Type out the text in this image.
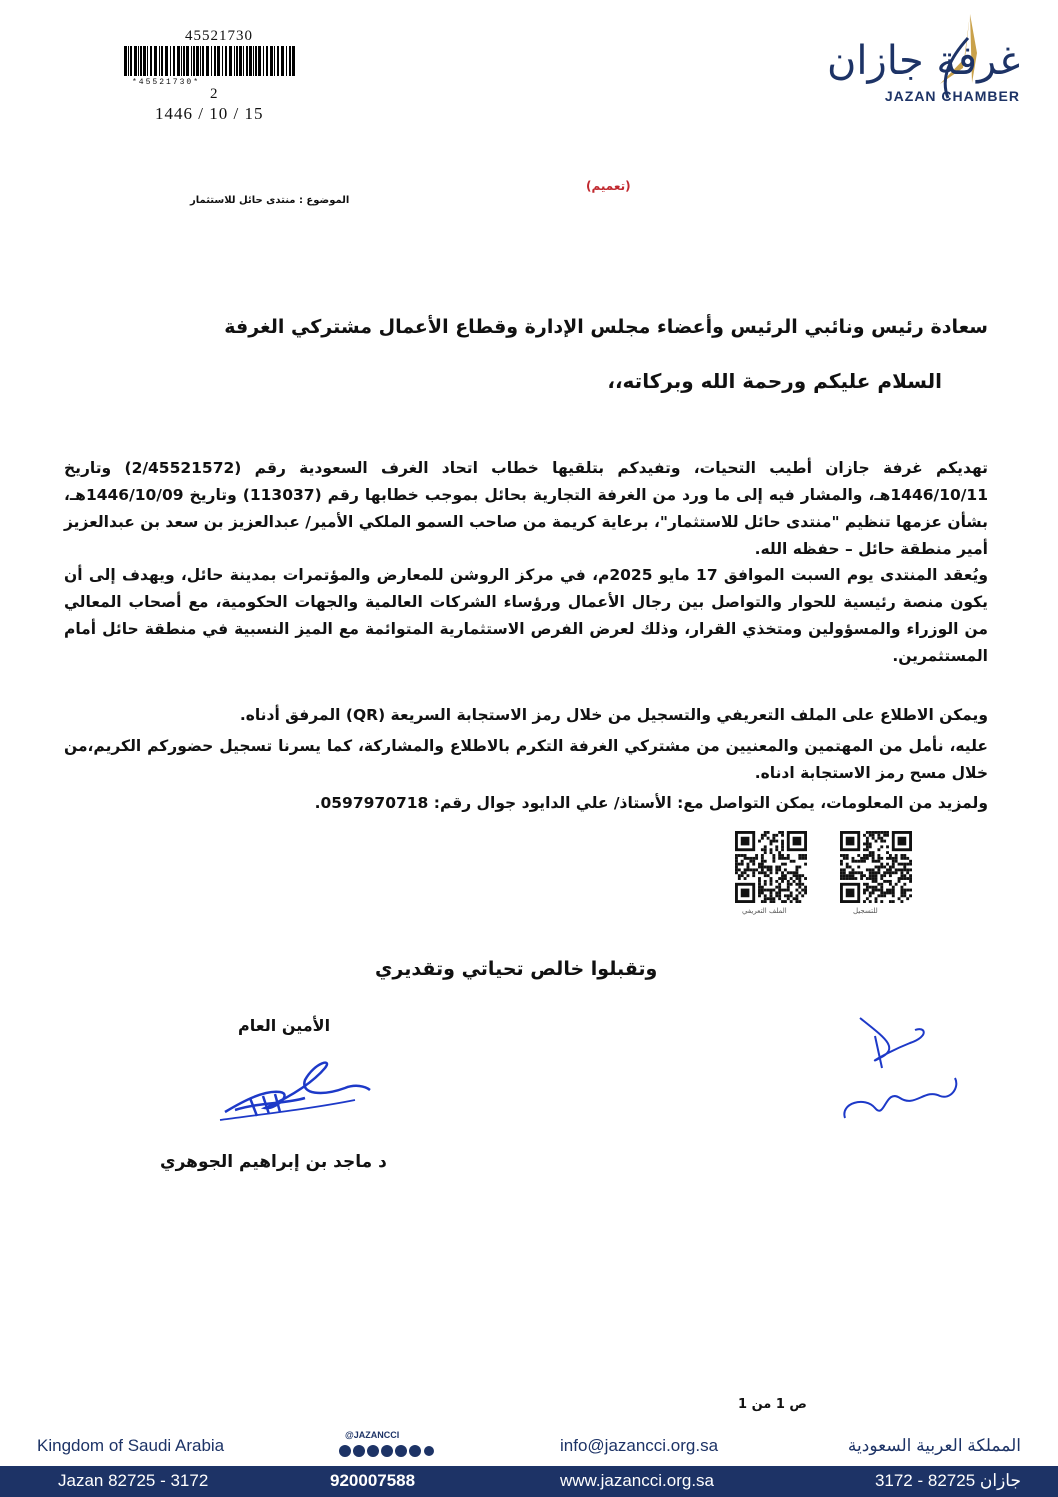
45521730
*45521730*
2
1446 / 10 / 15
غرفة جازان
JAZAN CHAMBER
(تعميم)
الموضوع : منتدى حائل للاستثمار
سعادة رئيس ونائبي الرئيس وأعضاء مجلس الإدارة وقطاع الأعمال مشتركي الغرفة
السلام عليكم ورحمة الله وبركاته،،

تهديكم غرفة جازان أطيب التحيات، وتفيدكم بتلقيها خطاب اتحاد الغرف السعودية رقم (2/45521572) وتاريخ 1446/10/11هـ، والمشار فيه إلى ما ورد من الغرفة التجارية بحائل بموجب خطابها رقم (113037) وتاريخ 1446/10/09هـ، بشأن عزمها تنظيم "منتدى حائل للاستثمار"، برعاية كريمة من صاحب السمو الملكي الأمير/ عبدالعزيز بن سعد بن عبدالعزيز أمير منطقة حائل – حفظه الله.

ويُعقد المنتدى يوم السبت الموافق 17 مايو 2025م، في مركز الروشن للمعارض والمؤتمرات بمدينة حائل، ويهدف إلى أن يكون منصة رئيسية للحوار والتواصل بين رجال الأعمال ورؤساء الشركات العالمية والجهات الحكومية، مع أصحاب المعالي من الوزراء والمسؤولين ومتخذي القرار، وذلك لعرض الفرص الاستثمارية المتوائمة مع الميز النسبية في منطقة حائل أمام المستثمرين.

ويمكن الاطلاع على الملف التعريفي والتسجيل من خلال رمز الاستجابة السريعة (QR) المرفق أدناه.

عليه، نأمل من المهتمين والمعنيين من مشتركي الغرفة التكرم بالاطلاع والمشاركة، كما يسرنا تسجيل حضوركم الكريم،من خلال مسح رمز الاستجابة ادناه.

ولمزيد من المعلومات، يمكن التواصل مع: الأستاذ/ علي الدايود جوال رقم: 0597970718.

الملف التعريفي	للتسجيل
وتقبلوا خالص تحياتي وتقديري
الأمين العام
د ماجد بن إبراهيم الجوهري
ص 1 من 1
Kingdom of Saudi Arabia
@JAZANCCI
info@jazancci.org.sa	المملكة العربية السعودية
Jazan 82725 - 3172	920007588	www.jazancci.org.sa	جازان 82725 - 3172
